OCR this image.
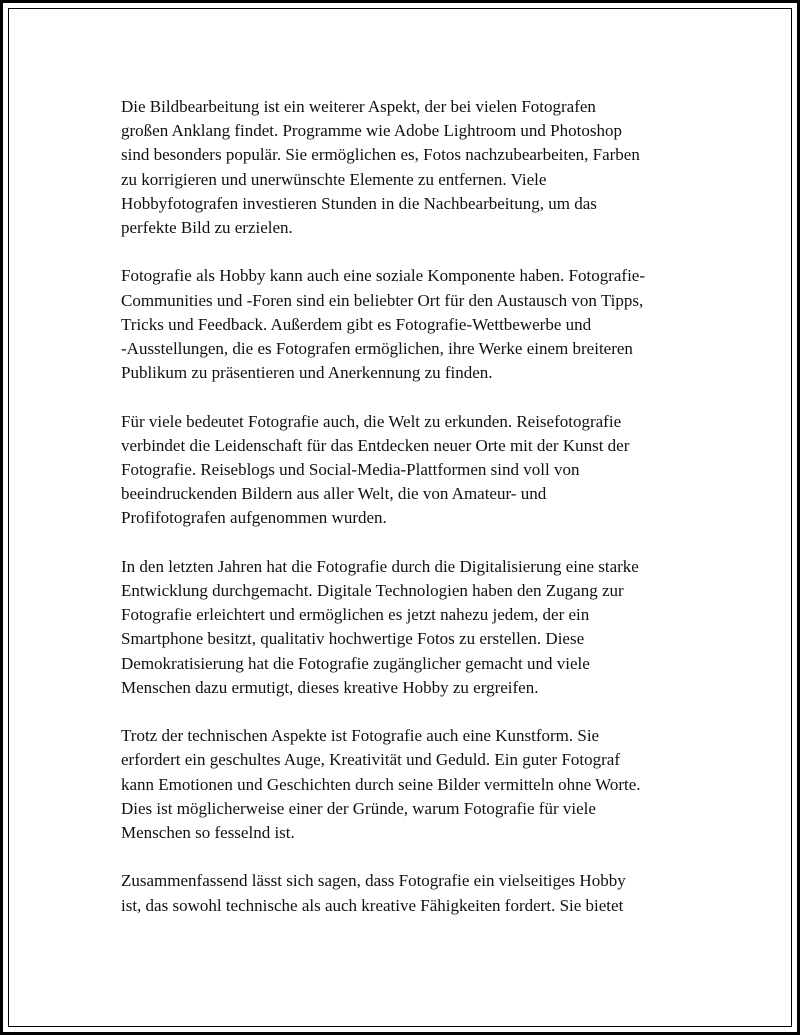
Die Bildbearbeitung ist ein weiterer Aspekt, der bei vielen Fotografen
großen Anklang findet. Programme wie Adobe Lightroom und Photoshop
sind besonders populär. Sie ermöglichen es, Fotos nachzubearbeiten, Farben
zu korrigieren und unerwünschte Elemente zu entfernen. Viele
Hobbyfotografen investieren Stunden in die Nachbearbeitung, um das
perfekte Bild zu erzielen.

Fotografie als Hobby kann auch eine soziale Komponente haben. Fotografie-
Communities und -Foren sind ein beliebter Ort für den Austausch von Tipps,
Tricks und Feedback. Außerdem gibt es Fotografie-Wettbewerbe und
-Ausstellungen, die es Fotografen ermöglichen, ihre Werke einem breiteren
Publikum zu präsentieren und Anerkennung zu finden.

Für viele bedeutet Fotografie auch, die Welt zu erkunden. Reisefotografie
verbindet die Leidenschaft für das Entdecken neuer Orte mit der Kunst der
Fotografie. Reiseblogs und Social-Media-Plattformen sind voll von
beeindruckenden Bildern aus aller Welt, die von Amateur- und
Profifotografen aufgenommen wurden.

In den letzten Jahren hat die Fotografie durch die Digitalisierung eine starke
Entwicklung durchgemacht. Digitale Technologien haben den Zugang zur
Fotografie erleichtert und ermöglichen es jetzt nahezu jedem, der ein
Smartphone besitzt, qualitativ hochwertige Fotos zu erstellen. Diese
Demokratisierung hat die Fotografie zugänglicher gemacht und viele
Menschen dazu ermutigt, dieses kreative Hobby zu ergreifen.

Trotz der technischen Aspekte ist Fotografie auch eine Kunstform. Sie
erfordert ein geschultes Auge, Kreativität und Geduld. Ein guter Fotograf
kann Emotionen und Geschichten durch seine Bilder vermitteln ohne Worte.
Dies ist möglicherweise einer der Gründe, warum Fotografie für viele
Menschen so fesselnd ist.

Zusammenfassend lässt sich sagen, dass Fotografie ein vielseitiges Hobby
ist, das sowohl technische als auch kreative Fähigkeiten fordert. Sie bietet
